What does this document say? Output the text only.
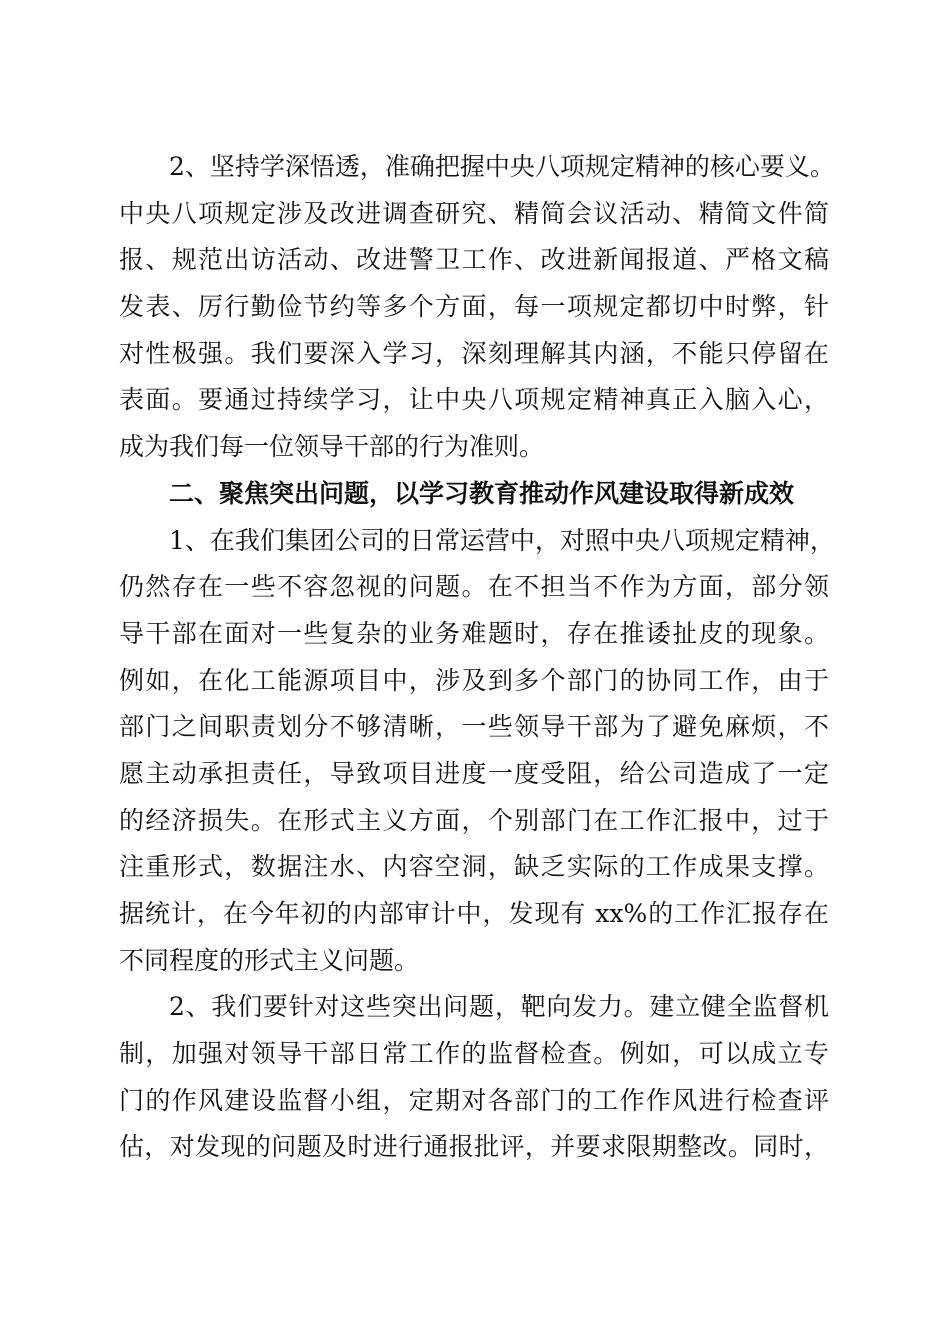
2、坚持学深悟透，准确把握中央八项规定精神的核心要义。
中央八项规定涉及改进调查研究、精简会议活动、精简文件简
报、规范出访活动、改进警卫工作、改进新闻报道、严格文稿
发表、厉行勤俭节约等多个方面，每一项规定都切中时弊，针
对性极强。我们要深入学习，深刻理解其内涵，不能只停留在
表面。要通过持续学习，让中央八项规定精神真正入脑入心，
成为我们每一位领导干部的行为准则。
二、聚焦突出问题，以学习教育推动作风建设取得新成效
1、在我们集团公司的日常运营中，对照中央八项规定精神，
仍然存在一些不容忽视的问题。在不担当不作为方面，部分领
导干部在面对一些复杂的业务难题时，存在推诿扯皮的现象。
例如，在化工能源项目中，涉及到多个部门的协同工作，由于
部门之间职责划分不够清晰，一些领导干部为了避免麻烦，不
愿主动承担责任，导致项目进度一度受阻，给公司造成了一定
的经济损失。在形式主义方面，个别部门在工作汇报中，过于
注重形式，数据注水、内容空洞，缺乏实际的工作成果支撑。
据统计，在今年初的内部审计中，发现有 xx%的工作汇报存在
不同程度的形式主义问题。
2、我们要针对这些突出问题，靶向发力。建立健全监督机
制，加强对领导干部日常工作的监督检查。例如，可以成立专
门的作风建设监督小组，定期对各部门的工作作风进行检查评
估，对发现的问题及时进行通报批评，并要求限期整改。同时，
